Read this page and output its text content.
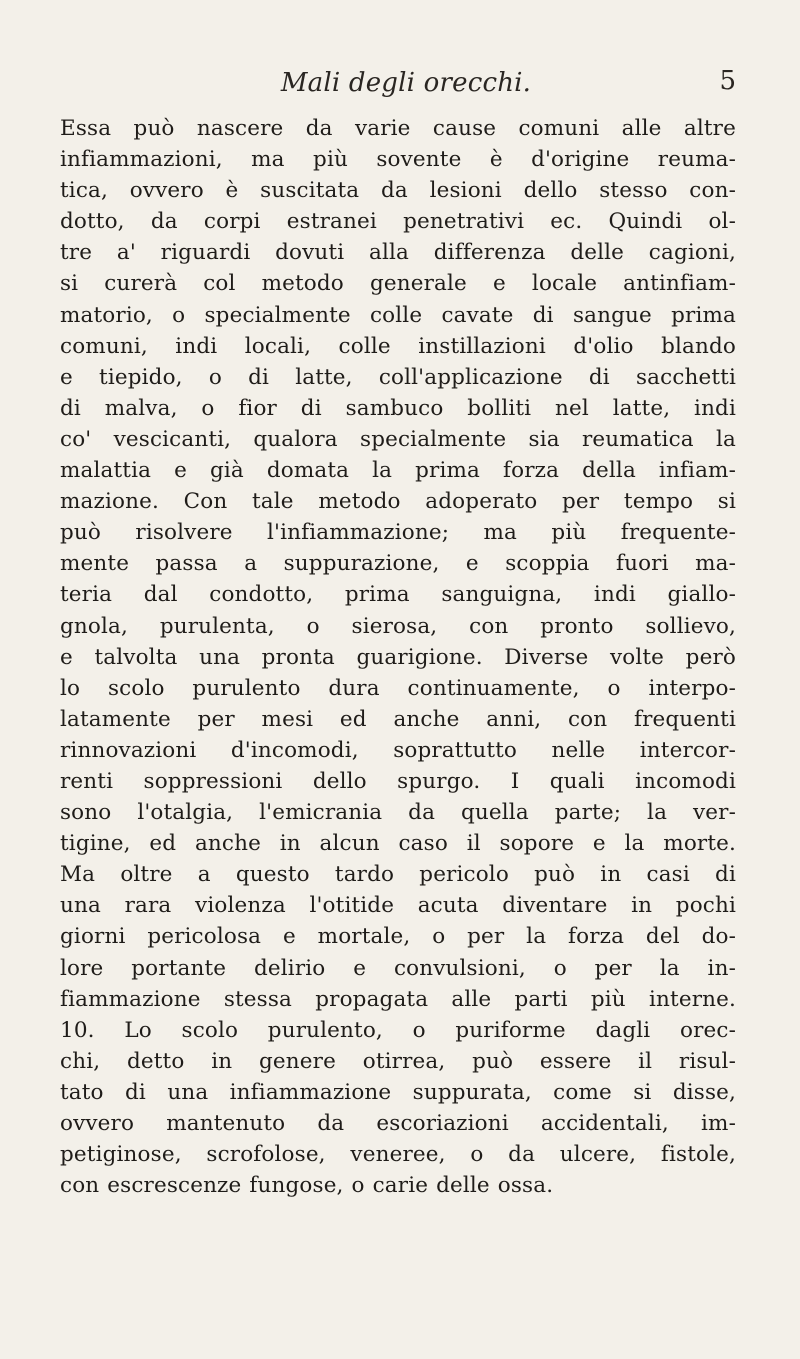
Mali degli orecchi.	5
Essa può nascere da varie cause comuni alle altre
infiammazioni, ma più sovente è d'origine reuma-
tica, ovvero è suscitata da lesioni dello stesso con-
dotto, da corpi estranei penetrativi ec. Quindi ol-
tre a' riguardi dovuti alla differenza delle cagioni,
si curerà col metodo generale e locale antinfiam-
matorio, o specialmente colle cavate di sangue prima
comuni, indi locali, colle instillazioni d'olio blando
e tiepido, o di latte, coll'applicazione di sacchetti
di malva, o fior di sambuco bolliti nel latte, indi
co' vescicanti, qualora specialmente sia reumatica la
malattia e già domata la prima forza della infiam-
mazione. Con tale metodo adoperato per tempo si
può risolvere l'infiammazione; ma più frequente-
mente passa a suppurazione, e scoppia fuori ma-
teria dal condotto, prima sanguigna, indi giallo-
gnola, purulenta, o sierosa, con pronto sollievo,
e talvolta una pronta guarigione. Diverse volte però
lo scolo purulento dura continuamente, o interpo-
latamente per mesi ed anche anni, con frequenti
rinnovazioni d'incomodi, soprattutto nelle intercor-
renti soppressioni dello spurgo. I quali incomodi
sono l'otalgia, l'emicrania da quella parte; la ver-
tigine, ed anche in alcun caso il sopore e la morte.
Ma oltre a questo tardo pericolo può in casi di
una rara violenza l'otitide acuta diventare in pochi
giorni pericolosa e mortale, o per la forza del do-
lore portante delirio e convulsioni, o per la in-
fiammazione stessa propagata alle parti più interne.
10. Lo scolo purulento, o puriforme dagli orec-
chi, detto in genere otirrea, può essere il risul-
tato di una infiammazione suppurata, come si disse,
ovvero mantenuto da escoriazioni accidentali, im-
petiginose, scrofolose, veneree, o da ulcere, fistole,
con escrescenze fungose, o carie delle ossa.
